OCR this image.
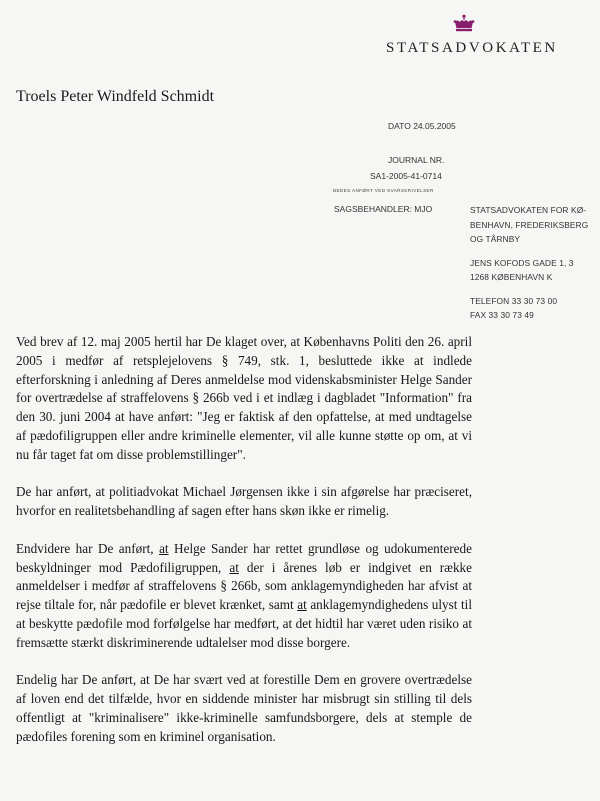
STATSADVOKATEN
Troels Peter Windfeld Schmidt
DATO 24.05.2005
JOURNAL NR.
SA1-2005-41-0714
BEDES ANFØRT VED SVARSKRIVELSER
SAGSBEHANDLER: MJO	STATSADVOKATEN FOR KØ-
BENHAVN, FREDERIKSBERG
OG TÅRNBY
JENS KOFODS GADE 1, 3
1268 KØBENHAVN K
TELEFON 33 30 73 00
FAX 33 30 73 49

Ved brev af 12. maj 2005 hertil har De klaget over, at Københavns Politi den 26. april 2005 i medfør af retsplejelovens § 749, stk. 1, besluttede ikke at indlede efterforskning i anledning af Deres anmeldelse mod videnskabsminister Helge Sander for overtrædelse af straffelovens § 266b ved i et indlæg i dagbladet "Information" fra den 30. juni 2004 at have anført: "Jeg er faktisk af den opfattelse, at med undtagelse af pædofiligruppen eller andre kriminelle elementer, vil alle kunne støtte op om, at vi nu får taget fat om disse problemstillinger".

De har anført, at politiadvokat Michael Jørgensen ikke i sin afgørelse har præciseret, hvorfor en realitetsbehandling af sagen efter hans skøn ikke er rimelig.

Endvidere har De anført, at Helge Sander har rettet grundløse og udokumenterede beskyldninger mod Pædofiligruppen, at der i årenes løb er indgivet en række anmeldelser i medfør af straffelovens § 266b, som anklagemyndigheden har afvist at rejse tiltale for, når pædofile er blevet krænket, samt at anklagemyndighedens ulyst til at beskytte pædofile mod forfølgelse har medført, at det hidtil har været uden risiko at fremsætte stærkt diskriminerende udtalelser mod disse borgere.

Endelig har De anført, at De har svært ved at forestille Dem en grovere overtrædelse af loven end det tilfælde, hvor en siddende minister har misbrugt sin stilling til dels offentligt at "kriminalisere" ikke-kriminelle samfundsborgere, dels at stemple de pædofiles forening som en kriminel organisation.
